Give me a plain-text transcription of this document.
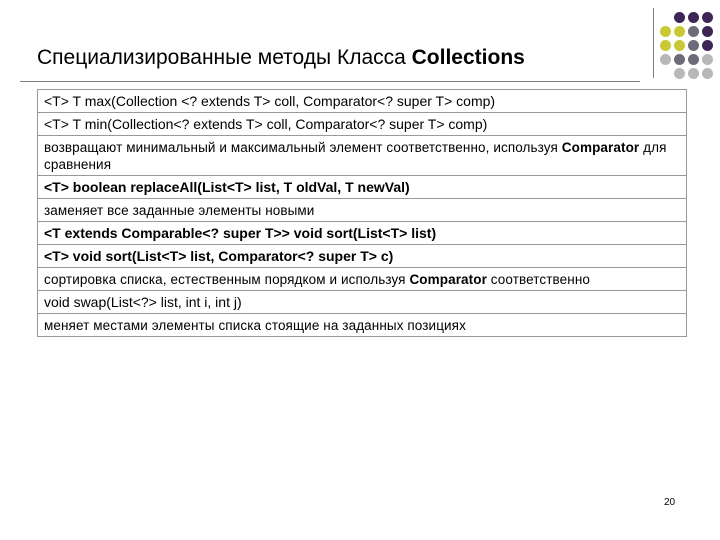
Специализированные методы Класса Collections
<T> T max(Collection <? extends T> coll, Comparator<? super T> comp)
<T> T min(Collection<? extends T> coll, Comparator<? super T> comp)
возвращают минимальный и максимальный элемент соответственно, используя Comparator для сравнения
<T> boolean replaceAll(List<T> list, T oldVal, T newVal)
заменяет все заданные элементы новыми
<T extends Comparable<? super T>> void sort(List<T> list)
<T> void sort(List<T> list, Comparator<? super T> c)
сортировка списка, естественным порядком и используя Comparator соответственно
void swap(List<?> list, int i, int j)
меняет местами элементы списка стоящие на заданных позициях
20
